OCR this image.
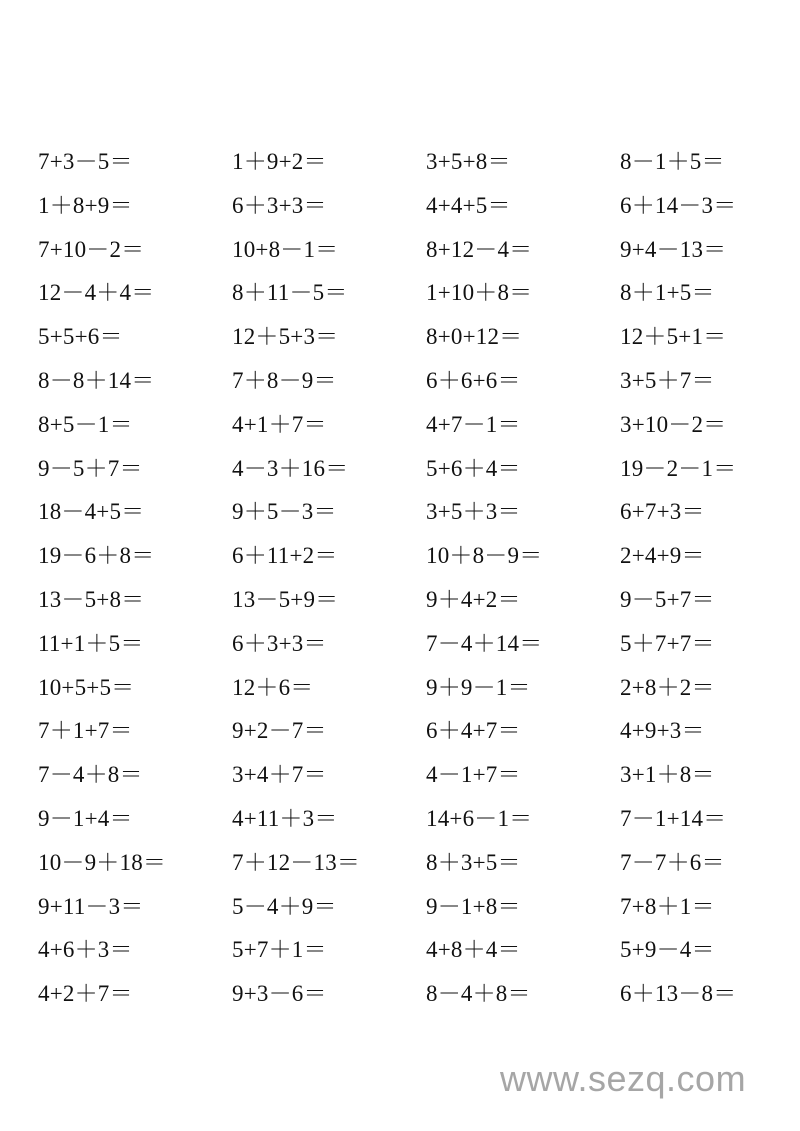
7+3－5＝	1＋9+2＝	3+5+8＝	8－1＋5＝
1＋8+9＝	6＋3+3＝	4+4+5＝	6＋14－3＝
7+10－2＝	10+8－1＝	8+12－4＝	9+4－13＝
12－4＋4＝	8＋11－5＝	1+10＋8＝	8＋1+5＝
5+5+6＝	12＋5+3＝	8+0+12＝	12＋5+1＝
8－8＋14＝	7＋8－9＝	6＋6+6＝	3+5＋7＝
8+5－1＝	4+1＋7＝	4+7－1＝	3+10－2＝
9－5＋7＝	4－3＋16＝	5+6＋4＝	19－2－1＝
18－4+5＝	9＋5－3＝	3+5＋3＝	6+7+3＝
19－6＋8＝	6＋11+2＝	10＋8－9＝	2+4+9＝
13－5+8＝	13－5+9＝	9＋4+2＝	9－5+7＝
11+1＋5＝	6＋3+3＝	7－4＋14＝	5＋7+7＝
10+5+5＝	12＋6＝	9＋9－1＝	2+8＋2＝
7＋1+7＝	9+2－7＝	6＋4+7＝	4+9+3＝
7－4＋8＝	3+4＋7＝	4－1+7＝	3+1＋8＝
9－1+4＝	4+11＋3＝	14+6－1＝	7－1+14＝
10－9＋18＝	7＋12－13＝	8＋3+5＝	7－7＋6＝
9+11－3＝	5－4＋9＝	9－1+8＝	7+8＋1＝
4+6＋3＝	5+7＋1＝	4+8＋4＝	5+9－4＝
4+2＋7＝	9+3－6＝	8－4＋8＝	6＋13－8＝
www.sezq.com
